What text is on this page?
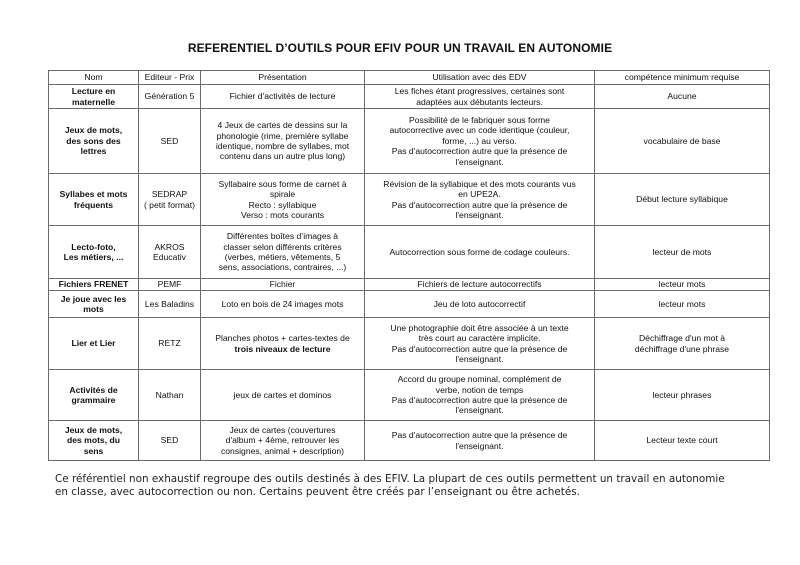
REFERENTIEL D’OUTILS POUR EFIV POUR UN TRAVAIL EN AUTONOMIE
Nom	Editeur - Prix	Présentation	Utilisation avec des EDV	compétence minimum requise

Lecture en
maternelle	Génération 5	Fichier d'activités de lecture	Les fiches étant progressives, certaines sont
adaptées aux débutants lecteurs.	Aucune

Jeux de mots,
des sons des
lettres	SED	4 Jeux de cartes de dessins sur la
phonologie (rime, première syllabe
identique, nombre de syllabes, mot
contenu dans un autre plus long)	Possibilité de le fabriquer sous forme
autocorrective avec un code identique (couleur,
forme, ...) au verso.
Pas d'autocorrection autre que la présence de
l'enseignant.	vocabulaire de base

Syllabes et mots
fréquents	SEDRAP
( petit format)	Syllabaire sous forme de carnet à
spirale
Recto : syllabique
Verso : mots courants	Révision de la syllabique et des mots courants vus
en UPE2A.
Pas d'autocorrection autre que la présence de
l'enseignant.	Début lecture syllabique

Lecto-foto,
Les métiers, ...	AKROS
Educativ	Différentes boîtes d’images à
classer selon différents critères
(verbes, métiers, vêtements, 5
sens, associations, contraires, ...)	Autocorrection sous forme de codage couleurs.	lecteur de mots

Fichiers FRENET	PEMF	Fichier	Fichiers de lecture autocorrectifs	lecteur mots

Je joue avec les
mots	Les Baladins	Loto en bois de 24 images mots	Jeu de loto autocorrectif	lecteur mots

Lier et Lier	RETZ	Planches photos + cartes-textes de
trois niveaux de lecture	Une photographie doit être associée à un texte
très court au caractère implicite.
Pas d'autocorrection autre que la présence de
l'enseignant.	Déchiffrage d'un mot à
déchiffrage d'une phrase

Activités de
grammaire	Nathan	jeux de cartes et dominos	Accord du groupe nominal, complément de
verbe, notion de temps
Pas d'autocorrection autre que la présence de
l'enseignant.	lecteur phrases

Jeux de mots,
des mots, du
sens	SED	Jeux de cartes (couvertures
d'album + 4ème, retrouver les
consignes, animal + description)	Pas d'autocorrection autre que la présence de
l'enseignant.	Lecteur texte court
Ce référentiel non exhaustif regroupe des outils destinés à des EFIV. La plupart de ces outils permettent un travail en autonomie
en classe, avec autocorrection ou non. Certains peuvent être créés par l’enseignant ou être achetés.
